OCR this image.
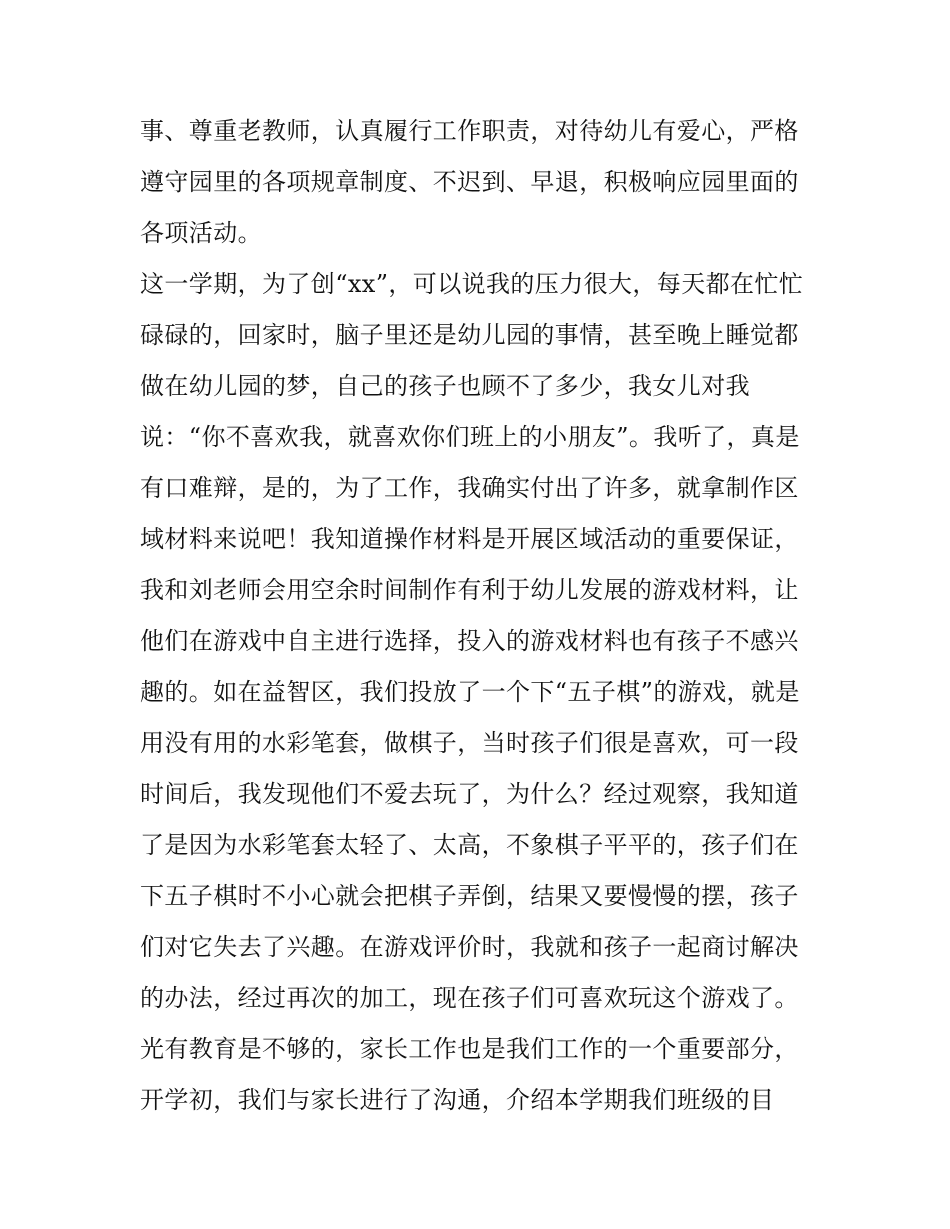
事、尊重老教师，认真履行工作职责，对待幼儿有爱心，严格
遵守园里的各项规章制度、不迟到、早退，积极响应园里面的
各项活动。
这一学期，为了创“xx”，可以说我的压力很大，每天都在忙忙
碌碌的，回家时，脑子里还是幼儿园的事情，甚至晚上睡觉都
做在幼儿园的梦，自己的孩子也顾不了多少，我女儿对我
说：“你不喜欢我，就喜欢你们班上的小朋友”。我听了，真是
有口难辩，是的，为了工作，我确实付出了许多，就拿制作区
域材料来说吧！我知道操作材料是开展区域活动的重要保证，
我和刘老师会用空余时间制作有利于幼儿发展的游戏材料，让
他们在游戏中自主进行选择，投入的游戏材料也有孩子不感兴
趣的。如在益智区，我们投放了一个下“五子棋”的游戏，就是
用没有用的水彩笔套，做棋子，当时孩子们很是喜欢，可一段
时间后，我发现他们不爱去玩了，为什么？经过观察，我知道
了是因为水彩笔套太轻了、太高，不象棋子平平的，孩子们在
下五子棋时不小心就会把棋子弄倒，结果又要慢慢的摆，孩子
们对它失去了兴趣。在游戏评价时，我就和孩子一起商讨解决
的办法，经过再次的加工，现在孩子们可喜欢玩这个游戏了。
光有教育是不够的，家长工作也是我们工作的一个重要部分，
开学初，我们与家长进行了沟通，介绍本学期我们班级的目
